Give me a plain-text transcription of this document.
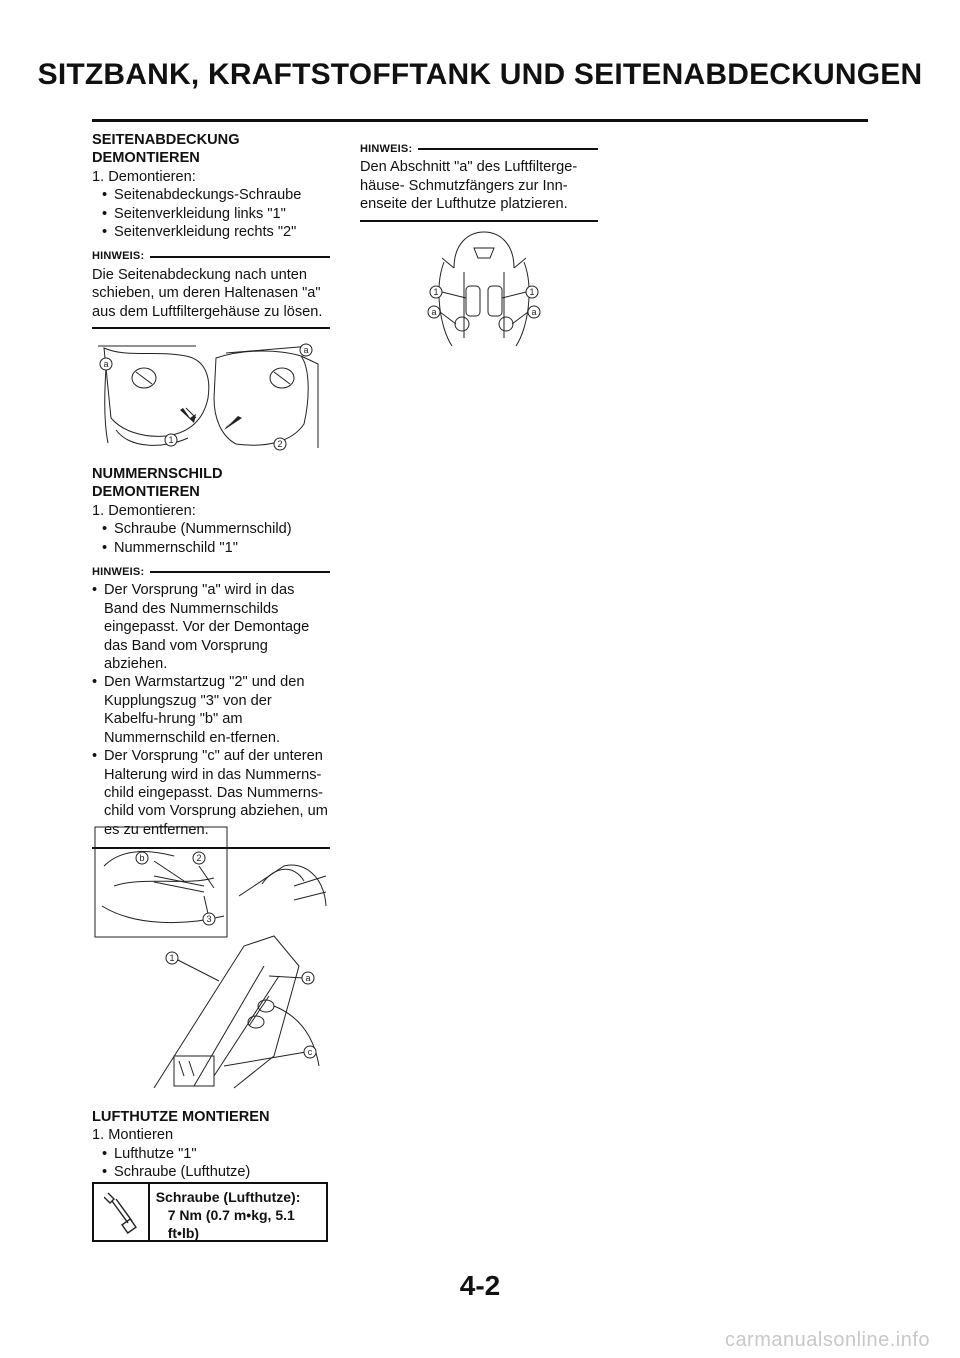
SITZBANK, KRAFTSTOFFTANK UND SEITENABDECKUNGEN

SEITENABDECKUNG DEMONTIEREN

1. Demontieren:

• Seitenabdeckungs-Schraube

• Seitenverkleidung links "1"

• Seitenverkleidung rechts "2"

HINWEIS:

Die Seitenabdeckung nach unten schieben, um deren Haltenasen "a" aus dem Luftfiltergehäuse zu lösen.

a
a
1	2

NUMMERNSCHILD DEMONTIEREN

1. Demontieren:

• Schraube (Nummernschild)

• Nummernschild "1"

HINWEIS:

• Der Vorsprung "a" wird in das Band des Nummernschilds eingepasst. Vor der Demontage das Band vom Vorsprung abziehen.

• Den Warmstartzug "2" und den Kupplungszug "3" von der Kabelfu-hrung "b" am Nummernschild en-tfernen.

• Der Vorsprung "c" auf der unteren Halterung wird in das Nummerns-child eingepasst. Das Nummerns-child vom Vorsprung abziehen, um es zu entfernen.

b	2
3
1
a
c

LUFTHUTZE MONTIEREN

1. Montieren

• Lufthutze "1"

• Schraube (Lufthutze)

Schraube (Lufthutze):
7 Nm (0.7 m•kg, 5.1 ft•lb)
HINWEIS:

Den Abschnitt "a" des Luftfilterge-häuse- Schmutzfängers zur Inn-enseite der Lufthutze platzieren.

1	1
a	a
4-2
carmanualsonline.info
